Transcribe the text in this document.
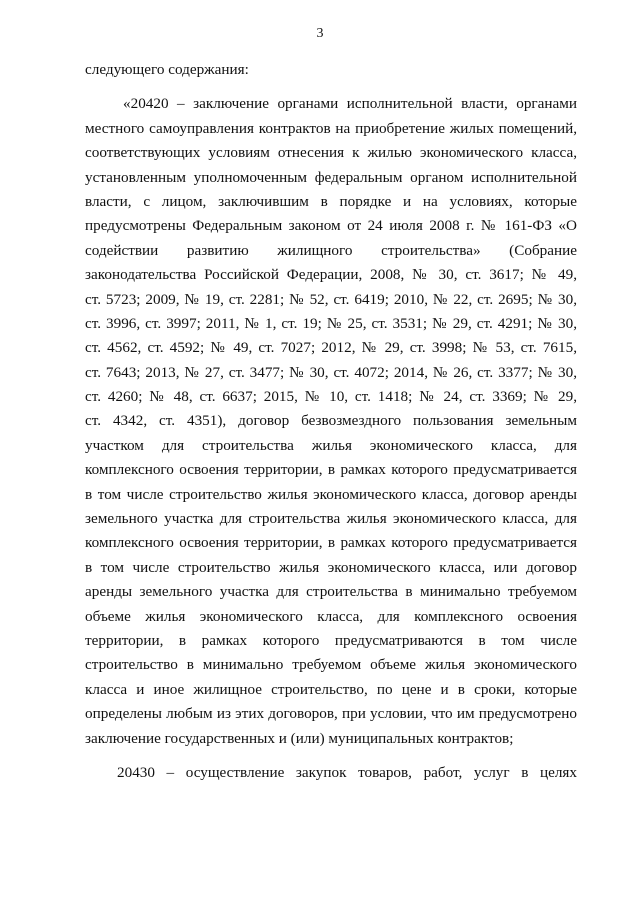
3
следующего содержания:
«20420 – заключение органами исполнительной власти, органами
местного самоуправления контрактов на приобретение жилых помещений,
соответствующих условиям отнесения к жилью экономического класса,
установленным уполномоченным федеральным органом исполнительной
власти, с лицом, заключившим в порядке и на условиях, которые
предусмотрены Федеральным законом от 24 июля 2008 г. № 161-ФЗ «О
содействии развитию жилищного строительства» (Собрание
законодательства Российской Федерации, 2008, № 30, ст. 3617; № 49,
ст. 5723; 2009, № 19, ст. 2281; № 52, ст. 6419; 2010, № 22, ст. 2695; № 30,
ст. 3996, ст. 3997; 2011, № 1, ст. 19; № 25, ст. 3531; № 29, ст. 4291; № 30,
ст. 4562, ст. 4592; № 49, ст. 7027; 2012, № 29, ст. 3998; № 53, ст. 7615,
ст. 7643; 2013, № 27, ст. 3477; № 30, ст. 4072; 2014, № 26, ст. 3377; № 30,
ст. 4260; № 48, ст. 6637; 2015, № 10, ст. 1418; № 24, ст. 3369; № 29,
ст. 4342, ст. 4351), договор безвозмездного пользования земельным
участком для строительства жилья экономического класса, для
комплексного освоения территории, в рамках которого предусматривается
в том числе строительство жилья экономического класса, договор аренды
земельного участка для строительства жилья экономического класса, для
комплексного освоения территории, в рамках которого предусматривается
в том числе строительство жилья экономического класса, или договор
аренды земельного участка для строительства в минимально требуемом
объеме жилья экономического класса, для комплексного освоения
территории, в рамках которого предусматриваются в том числе
строительство в минимально требуемом объеме жилья экономического
класса и иное жилищное строительство, по цене и в сроки, которые
определены любым из этих договоров, при условии, что им предусмотрено
заключение государственных и (или) муниципальных контрактов;
20430 – осуществление закупок товаров, работ, услуг в целях
